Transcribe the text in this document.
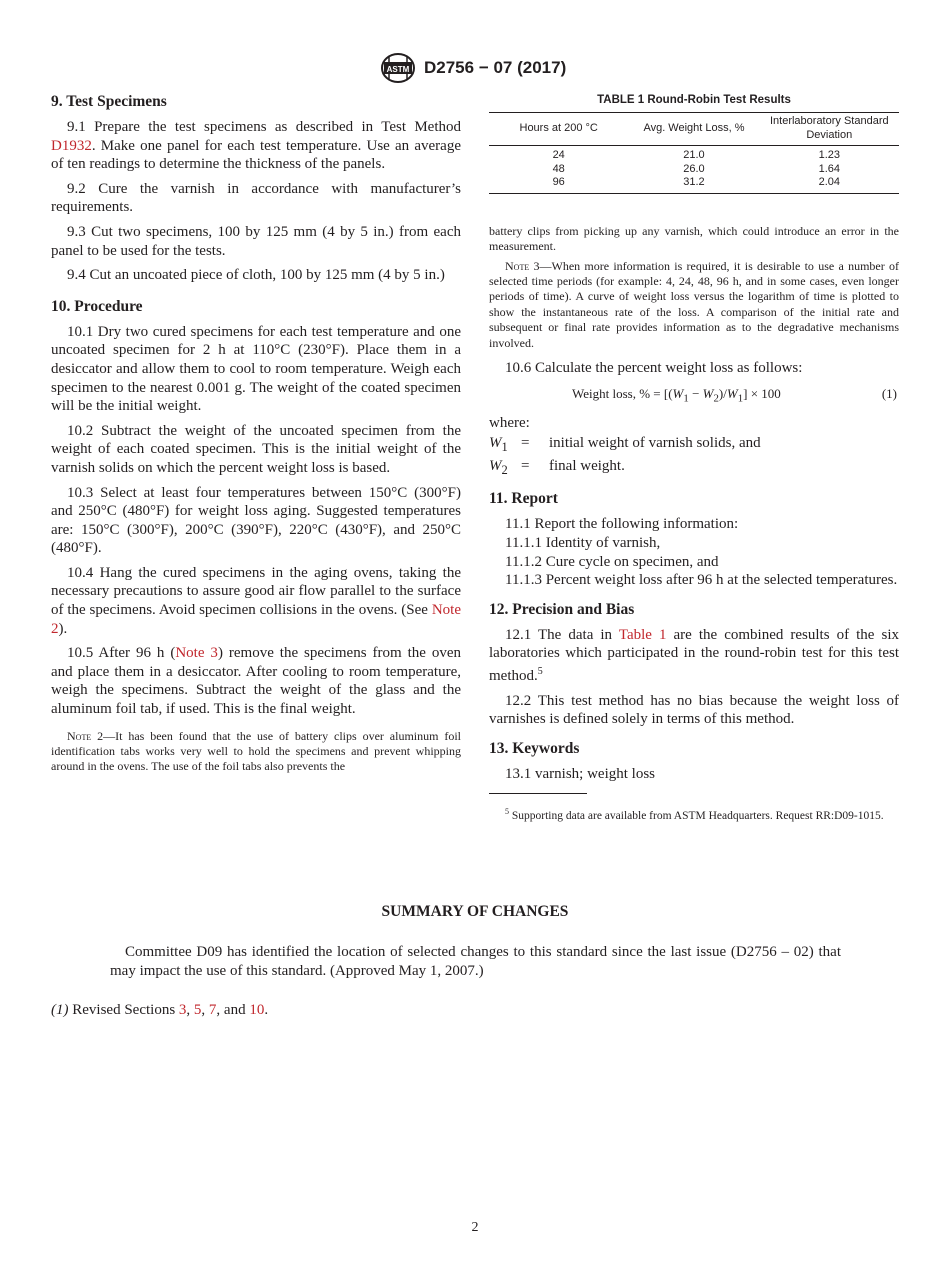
ASTM D2756 − 07 (2017)
9. Test Specimens

9.1 Prepare the test specimens as described in Test Method D1932. Make one panel for each test temperature. Use an average of ten readings to determine the thickness of the panels.

9.2 Cure the varnish in accordance with manufacturer’s requirements.

9.3 Cut two specimens, 100 by 125 mm (4 by 5 in.) from each panel to be used for the tests.

9.4 Cut an uncoated piece of cloth, 100 by 125 mm (4 by 5 in.)

10. Procedure

10.1 Dry two cured specimens for each test temperature and one uncoated specimen for 2 h at 110°C (230°F). Place them in a desiccator and allow them to cool to room temperature. Weigh each specimen to the nearest 0.001 g. The weight of the coated specimen will be the initial weight.

10.2 Subtract the weight of the uncoated specimen from the weight of each coated specimen. This is the initial weight of the varnish solids on which the percent weight loss is based.

10.3 Select at least four temperatures between 150°C (300°F) and 250°C (480°F) for weight loss aging. Suggested temperatures are: 150°C (300°F), 200°C (390°F), 220°C (430°F), and 250°C (480°F).

10.4 Hang the cured specimens in the aging ovens, taking the necessary precautions to assure good air flow parallel to the surface of the specimens. Avoid specimen collisions in the ovens. (See Note 2).

10.5 After 96 h (Note 3) remove the specimens from the oven and place them in a desiccator. After cooling to room temperature, weigh the specimens. Subtract the weight of the glass and the aluminum foil tab, if used. This is the final weight.

Note 2—It has been found that the use of battery clips over aluminum foil identification tabs works very well to hold the specimens and prevent whipping around in the ovens. The use of the foil tabs also prevents the

TABLE 1 Round-Robin Test Results
Hours at 200 °C	Avg. Weight Loss, %	Interlaboratory Standard Deviation
24	21.0	1.23
48	26.0	1.64
96	31.2	2.04

battery clips from picking up any varnish, which could introduce an error in the measurement.

Note 3—When more information is required, it is desirable to use a number of selected time periods (for example: 4, 24, 48, 96 h, and in some cases, even longer periods of time). A curve of weight loss versus the logarithm of time is plotted to show the instantaneous rate of the loss. A comparison of the initial rate and subsequent or final rate provides information as to the degradative mechanisms involved.

10.6 Calculate the percent weight loss as follows:

Weight loss, % = $[(W_1 - W_2)/W_1] \times 100$	(1)
where:
$W_1$ =	initial weight of varnish solids, and
$W_2$ =	final weight.
11. Report

11.1 Report the following information:

11.1.1 Identity of varnish,

11.1.2 Cure cycle on specimen, and

11.1.3 Percent weight loss after 96 h at the selected temperatures.

12. Precision and Bias

12.1 The data in Table 1 are the combined results of the six laboratories which participated in the round-robin test for this test method.$^5$

12.2 This test method has no bias because the weight loss of varnishes is defined solely in terms of this method.

13. Keywords

13.1 varnish; weight loss

$^5$ Supporting data are available from ASTM Headquarters. Request RR:D09-1015.

SUMMARY OF CHANGES
Committee D09 has identified the location of selected changes to this standard since the last issue (D2756 – 02) that may impact the use of this standard. (Approved May 1, 2007.)
(1) Revised Sections 3, 5, 7, and 10.
2
